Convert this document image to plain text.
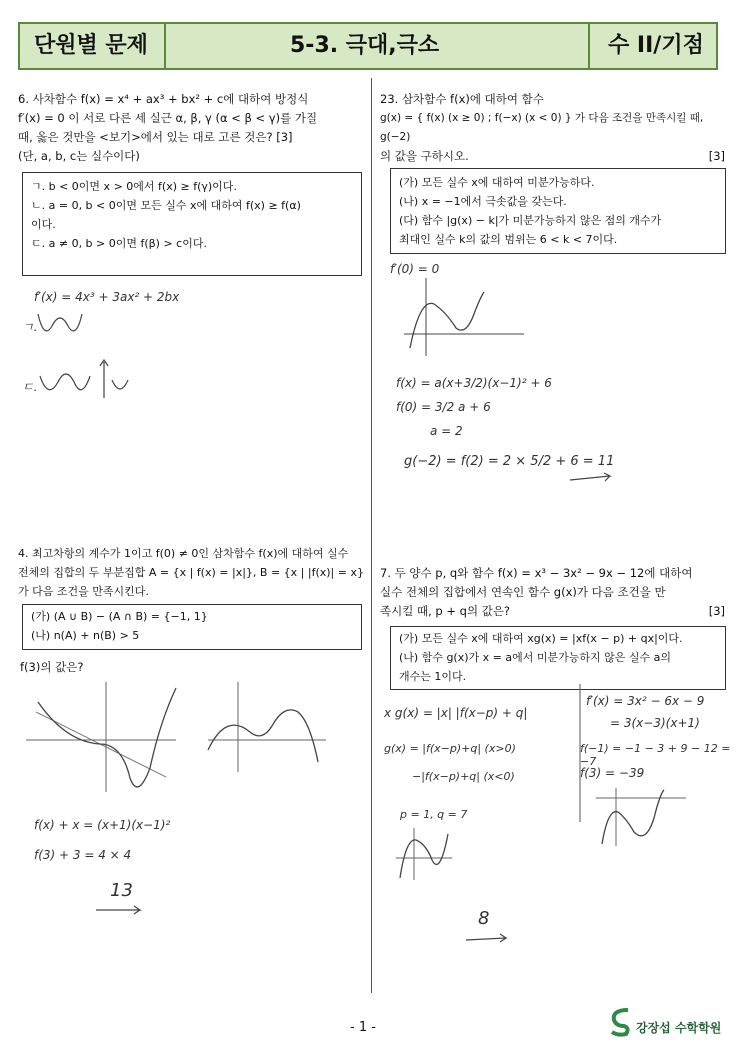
단원별 문제	5-3. 극대,극소	수 II/기점
6. 사차함수 f(x) = x⁴ + ax³ + bx² + c에 대하여 방정식
f′(x) = 0 이 서로 다른 세 실근 α, β, γ (α < β < γ)를 가질
때, 옳은 것만을 <보기>에서 있는 대로 고른 것은? [3]
(단, a, b, c는 실수이다)
ㄱ. b < 0이면 x > 0에서 f(x) ≥ f(γ)이다.
ㄴ. a = 0, b < 0이면 모든 실수 x에 대하여 f(x) ≥ f(α)
이다.
ㄷ. a ≠ 0, b > 0이면 f(β) > c이다.
f′(x) = 4x³ + 3ax² + 2bx
ㄱ.
ㄷ.
23. 삼차함수 f(x)에 대하여 함수
g(x) = { f(x) (x ≥ 0) ; f(−x) (x < 0) } 가 다음 조건을 만족시킬 때, g(−2)
의 값을 구하시오.	[3]
(가) 모든 실수 x에 대하여 미분가능하다.
(나) x = −1에서 극솟값을 갖는다.
(다) 함수 |g(x) − k|가 미분가능하지 않은 점의 개수가
최대인 실수 k의 값의 범위는 6 < k < 7이다.
f′(0) = 0
f(x) = a(x+3/2)(x−1)² + 6
f(0) = 3/2 a + 6
a = 2
g(−2) = f(2) = 2 × 5/2 + 6 = 11
4. 최고차항의 계수가 1이고 f(0) ≠ 0인 삼차함수 f(x)에 대하여 실수
전체의 집합의 두 부분집합 A = {x | f(x) = |x|}, B = {x | |f(x)| = x}
가 다음 조건을 만족시킨다.
(가) (A ∪ B) − (A ∩ B) = {−1, 1}
(나) n(A) + n(B) > 5
f(3)의 값은?
f(x) + x = (x+1)(x−1)²
f(3) + 3 = 4 × 4
13
7. 두 양수 p, q와 함수 f(x) = x³ − 3x² − 9x − 12에 대하여
실수 전체의 집합에서 연속인 함수 g(x)가 다음 조건을 만
족시킬 때, p + q의 값은?	[3]
(가) 모든 실수 x에 대하여 xg(x) = |xf(x − p) + qx|이다.
(나) 함수 g(x)가 x = a에서 미분가능하지 않은 실수 a의
개수는 1이다.
x g(x) = |x| |f(x−p) + q|
g(x) = |f(x−p)+q| (x>0)
−|f(x−p)+q| (x<0)
f′(x) = 3x² − 6x − 9
= 3(x−3)(x+1)
f(−1) = −1 − 3 + 9 − 12 = −7
f(3) = −39
p = 1, q = 7
8
- 1 -	강장섭 수학학원
